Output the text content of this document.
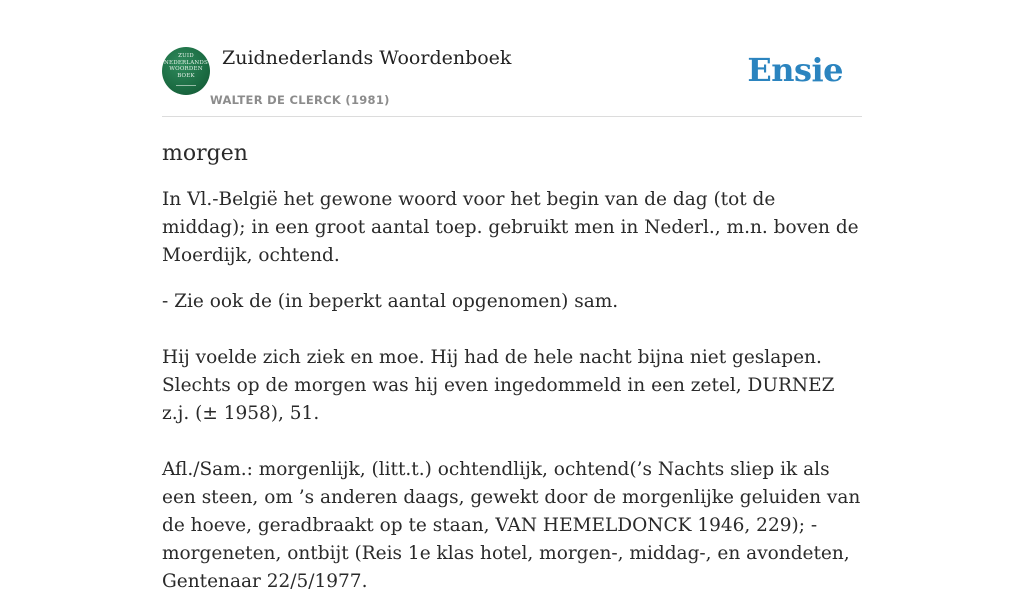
ZUID NEDERLANDS WOORDEN BOEK
Zuidnederlands Woordenboek
WALTER DE CLERCK (1981)
Ensie
morgen

In Vl.-België het gewone woord voor het begin van de dag (tot de middag); in een groot aantal toep. gebruikt men in Nederl., m.n. boven de Moerdijk, ochtend.

- Zie ook de (in beperkt aantal opgenomen) sam.

Hij voelde zich ziek en moe. Hij had de hele nacht bijna niet geslapen. Slechts op de morgen was hij even ingedommeld in een zetel, DURNEZ z.j. (± 1958), 51.

Afl./Sam.: morgenlijk, (litt.t.) ochtendlijk, ochtend(’s Nachts sliep ik als een steen, om ’s anderen daags, gewekt door de morgenlijke geluiden van de hoeve, geradbraakt op te staan, VAN HEMELDONCK 1946, 229); - morgeneten, ontbijt (Reis 1e klas hotel, morgen-, middag-, en avondeten, Gentenaar 22/5/1977.
